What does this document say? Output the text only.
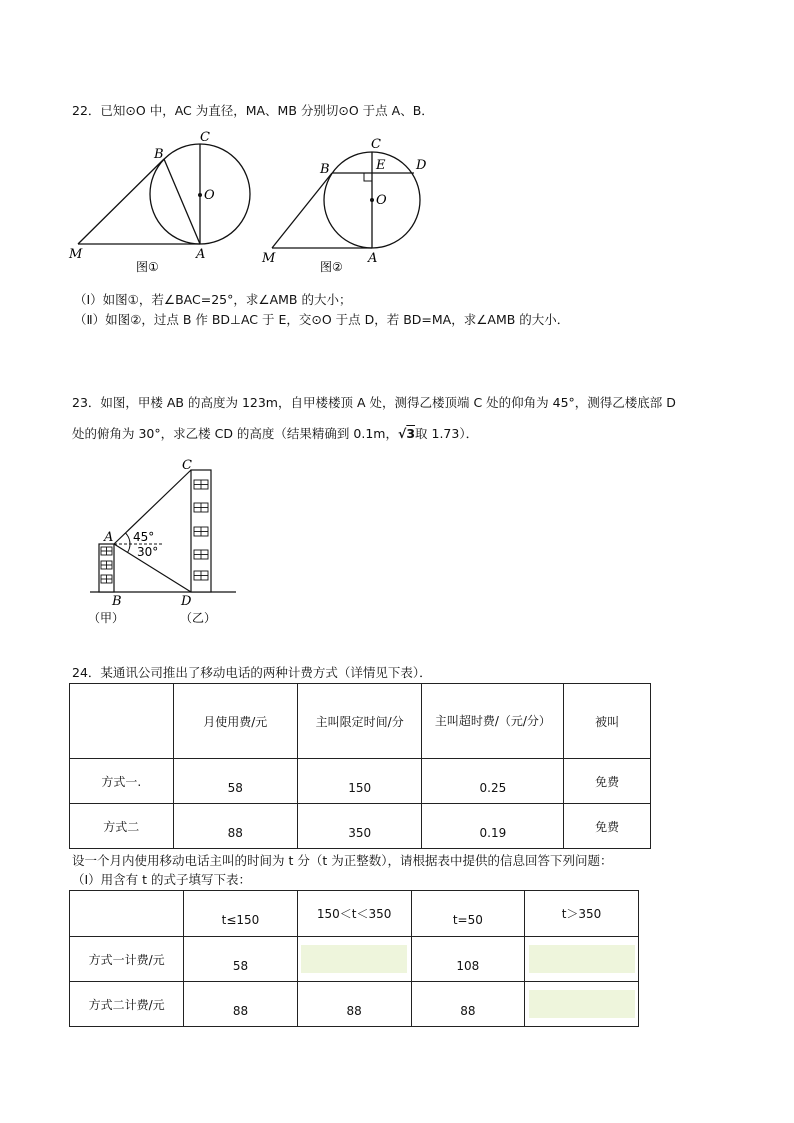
22．已知⊙O 中，AC 为直径，MA、MB 分别切⊙O 于点 A、B．
C
B
O
M	A
图①
C
E
B	D
O
M	A
图②
（Ⅰ）如图①，若∠BAC=25°，求∠AMB 的大小；
（Ⅱ）如图②，过点 B 作 BD⊥AC 于 E，交⊙O 于点 D，若 BD=MA，求∠AMB 的大小．
23．如图，甲楼 AB 的高度为 123m，自甲楼楼顶 A 处，测得乙楼顶端 C 处的仰角为 45°，测得乙楼底部 D
处的俯角为 30°，求乙楼 CD 的高度（结果精确到 0.1m，√3取 1.73）．
45°
30°
A
B
C
D
（甲）	（乙）
24．某通讯公司推出了移动电话的两种计费方式（详情见下表）．
	月使用费/元	主叫限定时间/分	主叫超时费/（元/分）	被叫
方式一.	58	150	0.25	免费
方式二	88	350	0.19	免费
设一个月内使用移动电话主叫的时间为 t 分（t 为正整数），请根据表中提供的信息回答下列问题：
（Ⅰ）用含有 t 的式子填写下表：
	t≤150	150＜t＜350	t=50	t＞350
方式一计费/元	58		108	

方式二计费/元	88	88	88	
